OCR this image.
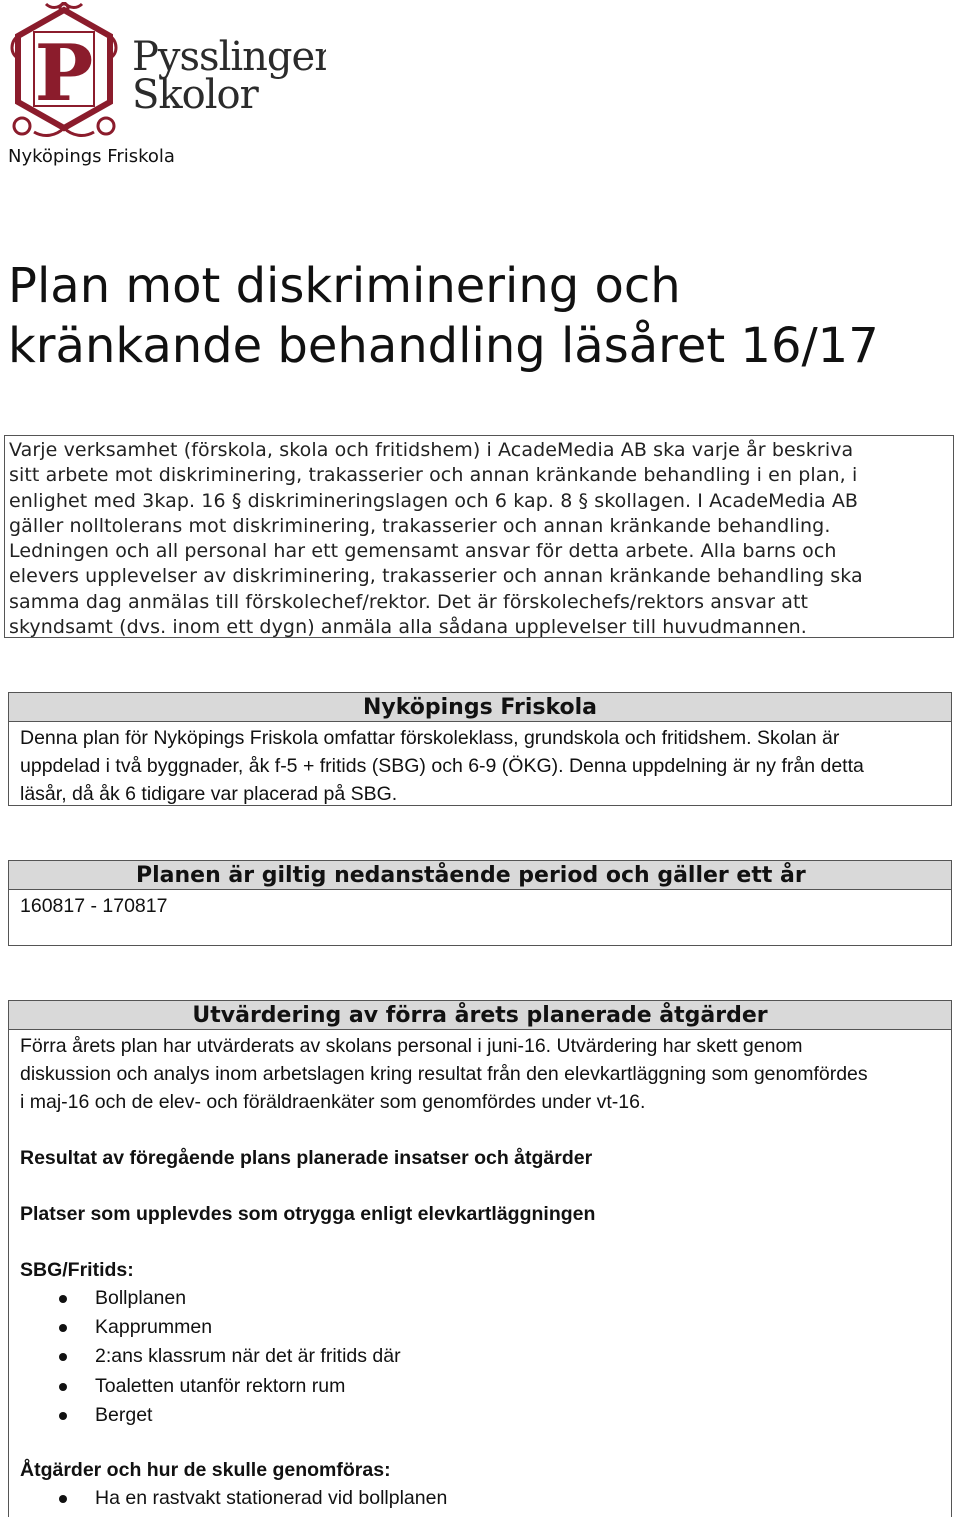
P Pysslingen
Skolor
Nyköpings Friskola
Plan mot diskriminering och
kränkande behandling läsåret 16/17
Varje verksamhet (förskola, skola och fritidshem) i AcadeMedia AB ska varje år beskriva
sitt arbete mot diskriminering, trakasserier och annan kränkande behandling i en plan, i
enlighet med 3kap. 16 § diskrimineringslagen och 6 kap. 8 § skollagen. I AcadeMedia AB
gäller nolltolerans mot diskriminering, trakasserier och annan kränkande behandling.
Ledningen och all personal har ett gemensamt ansvar för detta arbete. Alla barns och
elevers upplevelser av diskriminering, trakasserier och annan kränkande behandling ska
samma dag anmälas till förskolechef/rektor. Det är förskolechefs/rektors ansvar att
skyndsamt (dvs. inom ett dygn) anmäla alla sådana upplevelser till huvudmannen.
Nyköpings Friskola
Denna plan för Nyköpings Friskola omfattar förskoleklass, grundskola och fritidshem. Skolan är
uppdelad i två byggnader, åk f-5 + fritids (SBG) och 6-9 (ÖKG). Denna uppdelning är ny från detta
läsår, då åk 6 tidigare var placerad på SBG.
Planen är giltig nedanstående period och gäller ett år
160817 - 170817
Utvärdering av förra årets planerade åtgärder
Förra årets plan har utvärderats av skolans personal i juni-16. Utvärdering har skett genom
diskussion och analys inom arbetslagen kring resultat från den elevkartläggning som genomfördes
i maj-16 och de elev- och föräldraenkäter som genomfördes under vt-16.

Resultat av föregående plans planerade insatser och åtgärder

Platser som upplevdes som otrygga enligt elevkartläggningen

SBG/Fritids:

Bollplanen
Kapprummen
2:ans klassrum när det är fritids där
Toaletten utanför rektorn rum
Berget

Åtgärder och hur de skulle genomföras:

Ha en rastvakt stationerad vid bollplanen
